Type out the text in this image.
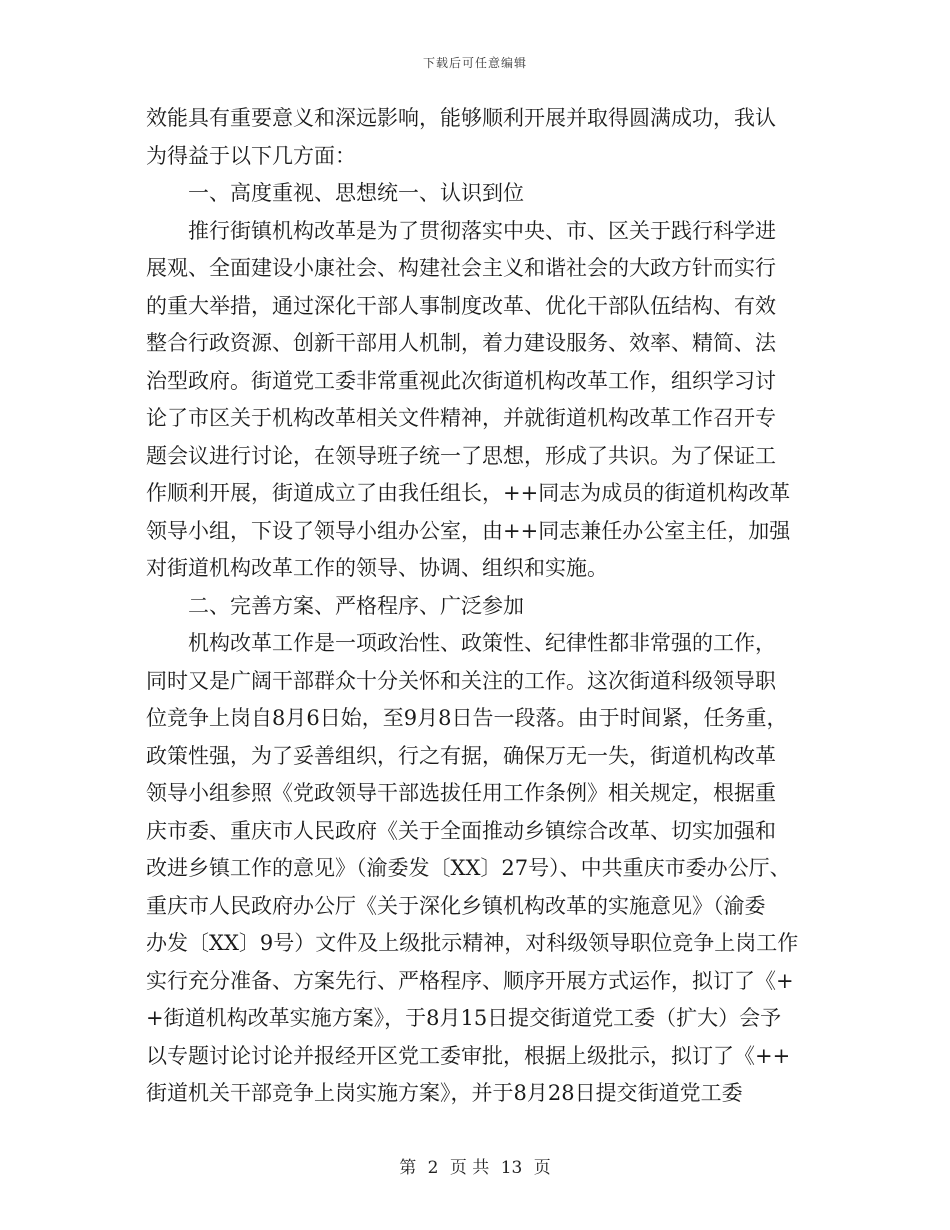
下载后可任意编辑
效能具有重要意义和深远影响，能够顺利开展并取得圆满成功，我认
为得益于以下几方面：
一、高度重视、思想统一、认识到位
推行街镇机构改革是为了贯彻落实中央、市、区关于践行科学进
展观、全面建设小康社会、构建社会主义和谐社会的大政方针而实行
的重大举措，通过深化干部人事制度改革、优化干部队伍结构、有效
整合行政资源、创新干部用人机制，着力建设服务、效率、精简、法
治型政府。街道党工委非常重视此次街道机构改革工作，组织学习讨
论了市区关于机构改革相关文件精神，并就街道机构改革工作召开专
题会议进行讨论，在领导班子统一了思想，形成了共识。为了保证工
作顺利开展，街道成立了由我任组长，++同志为成员的街道机构改革
领导小组，下设了领导小组办公室，由++同志兼任办公室主任，加强
对街道机构改革工作的领导、协调、组织和实施。
二、完善方案、严格程序、广泛参加
机构改革工作是一项政治性、政策性、纪律性都非常强的工作，
同时又是广阔干部群众十分关怀和关注的工作。这次街道科级领导职
位竞争上岗自8月6日始，至9月8日告一段落。由于时间紧，任务重，
政策性强，为了妥善组织，行之有据，确保万无一失，街道机构改革
领导小组参照《党政领导干部选拔任用工作条例》相关规定，根据重
庆市委、重庆市人民政府《关于全面推动乡镇综合改革、切实加强和
改进乡镇工作的意见》（渝委发〔XX〕27号）、中共重庆市委办公厅、
重庆市人民政府办公厅《关于深化乡镇机构改革的实施意见》（渝委
办发〔XX〕9号）文件及上级批示精神，对科级领导职位竞争上岗工作
实行充分准备、方案先行、严格程序、顺序开展方式运作，拟订了《+
+街道机构改革实施方案》，于8月15日提交街道党工委（扩大）会予
以专题讨论讨论并报经开区党工委审批，根据上级批示，拟订了《++
街道机关干部竞争上岗实施方案》，并于8月28日提交街道党工委
第 2 页 共 13 页
